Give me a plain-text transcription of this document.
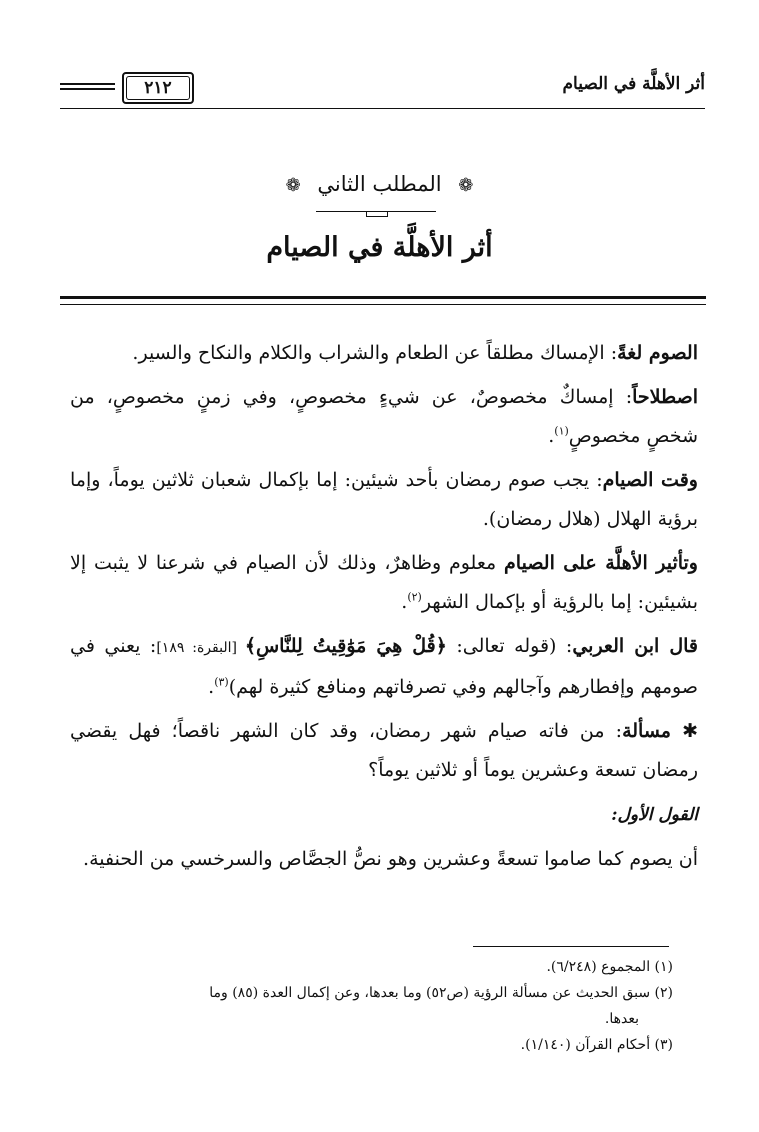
أثر الأهلَّة في الصيام
٢١٢
❁ المطلب الثاني ❁
أثر الأهلَّة في الصيام

الصوم لغةً: الإمساك مطلقاً عن الطعام والشراب والكلام والنكاح والسير.

اصطلاحاً: إمساكٌ مخصوصٌ، عن شيءٍ مخصوصٍ، وفي زمنٍ مخصوصٍ، من شخصٍ مخصوصٍ$^{(١)}$.

وقت الصيام: يجب صوم رمضان بأحد شيئين: إما بإكمال شعبان ثلاثين يوماً، وإما برؤية الهلال (هلال رمضان).

وتأثير الأهلَّة على الصيام معلوم وظاهرٌ، وذلك لأن الصيام في شرعنا لا يثبت إلا بشيئين: إما بالرؤية أو بإكمال الشهر$^{(٢)}$.

قال ابن العربي: (قوله تعالى: ﴿قُلْ هِيَ مَوَٰقِيتُ لِلنَّاسِ﴾ [البقرة: ١٨٩]: يعني في صومهم وإفطارهم وآجالهم وفي تصرفاتهم ومنافع كثيرة لهم)$^{(٣)}$.

✱ مسألة: من فاته صيام شهر رمضان، وقد كان الشهر ناقصاً؛ فهل يقضي رمضان تسعة وعشرين يوماً أو ثلاثين يوماً؟

القول الأول:

أن يصوم كما صاموا تسعةً وعشرين وهو نصُّ الجصَّاص والسرخسي من الحنفية.

(١) المجموع (٦/٢٤٨).

(٢) سبق الحديث عن مسألة الرؤية (ص٥٢) وما بعدها، وعن إكمال العدة (٨٥) وما

بعدها.

(٣) أحكام القرآن (١/١٤٠).
